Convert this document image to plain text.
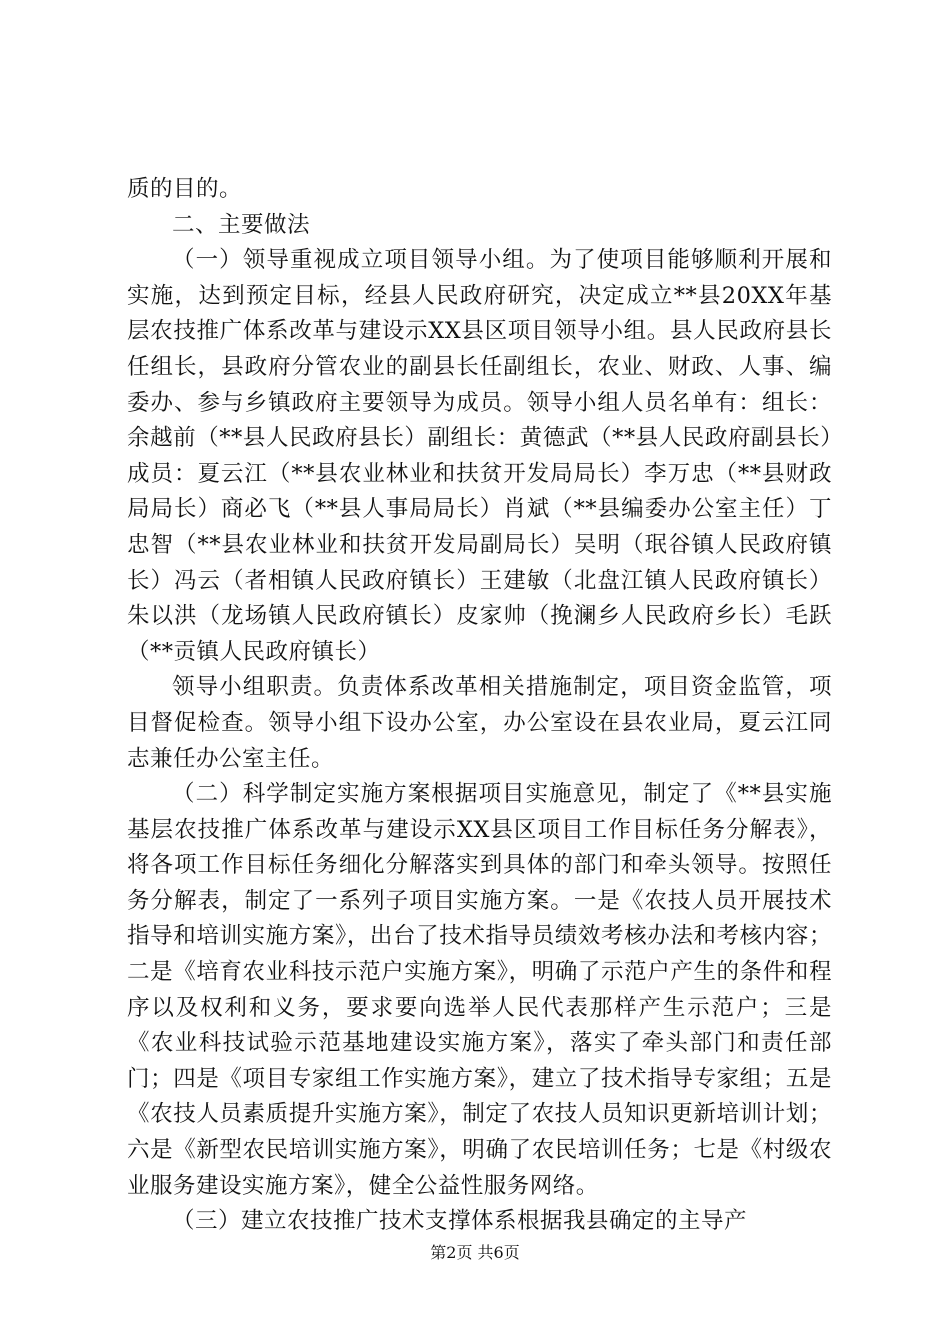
质的目的。

二、主要做法

（一）领导重视成立项目领导小组。为了使项目能够顺利开展和实施，达到预定目标，经县人民政府研究，决定成立**县20XX年基层农技推广体系改革与建设示XX县区项目领导小组。县人民政府县长任组长，县政府分管农业的副县长任副组长，农业、财政、人事、编委办、参与乡镇政府主要领导为成员。领导小组人员名单有：组长：余越前（**县人民政府县长）副组长：黄德武（**县人民政府副县长）成员：夏云江（**县农业林业和扶贫开发局局长）李万忠（**县财政局局长）商必飞（**县人事局局长）肖斌（**县编委办公室主任）丁忠智（**县农业林业和扶贫开发局副局长）吴明（珉谷镇人民政府镇长）冯云（者相镇人民政府镇长）王建敏（北盘江镇人民政府镇长）朱以洪（龙场镇人民政府镇长）皮家帅（挽澜乡人民政府乡长）毛跃（**贡镇人民政府镇长）

领导小组职责。负责体系改革相关措施制定，项目资金监管，项目督促检查。领导小组下设办公室，办公室设在县农业局，夏云江同志兼任办公室主任。

（二）科学制定实施方案根据项目实施意见，制定了《**县实施基层农技推广体系改革与建设示XX县区项目工作目标任务分解表》，将各项工作目标任务细化分解落实到具体的部门和牵头领导。按照任务分解表，制定了一系列子项目实施方案。一是《农技人员开展技术指导和培训实施方案》，出台了技术指导员绩效考核办法和考核内容；二是《培育农业科技示范户实施方案》，明确了示范户产生的条件和程序以及权利和义务，要求要向选举人民代表那样产生示范户；三是《农业科技试验示范基地建设实施方案》，落实了牵头部门和责任部门；四是《项目专家组工作实施方案》，建立了技术指导专家组；五是《农技人员素质提升实施方案》，制定了农技人员知识更新培训计划；六是《新型农民培训实施方案》，明确了农民培训任务；七是《村级农业服务建设实施方案》，健全公益性服务网络。

（三）建立农技推广技术支撑体系根据我县确定的主导产

第2页 共6页
